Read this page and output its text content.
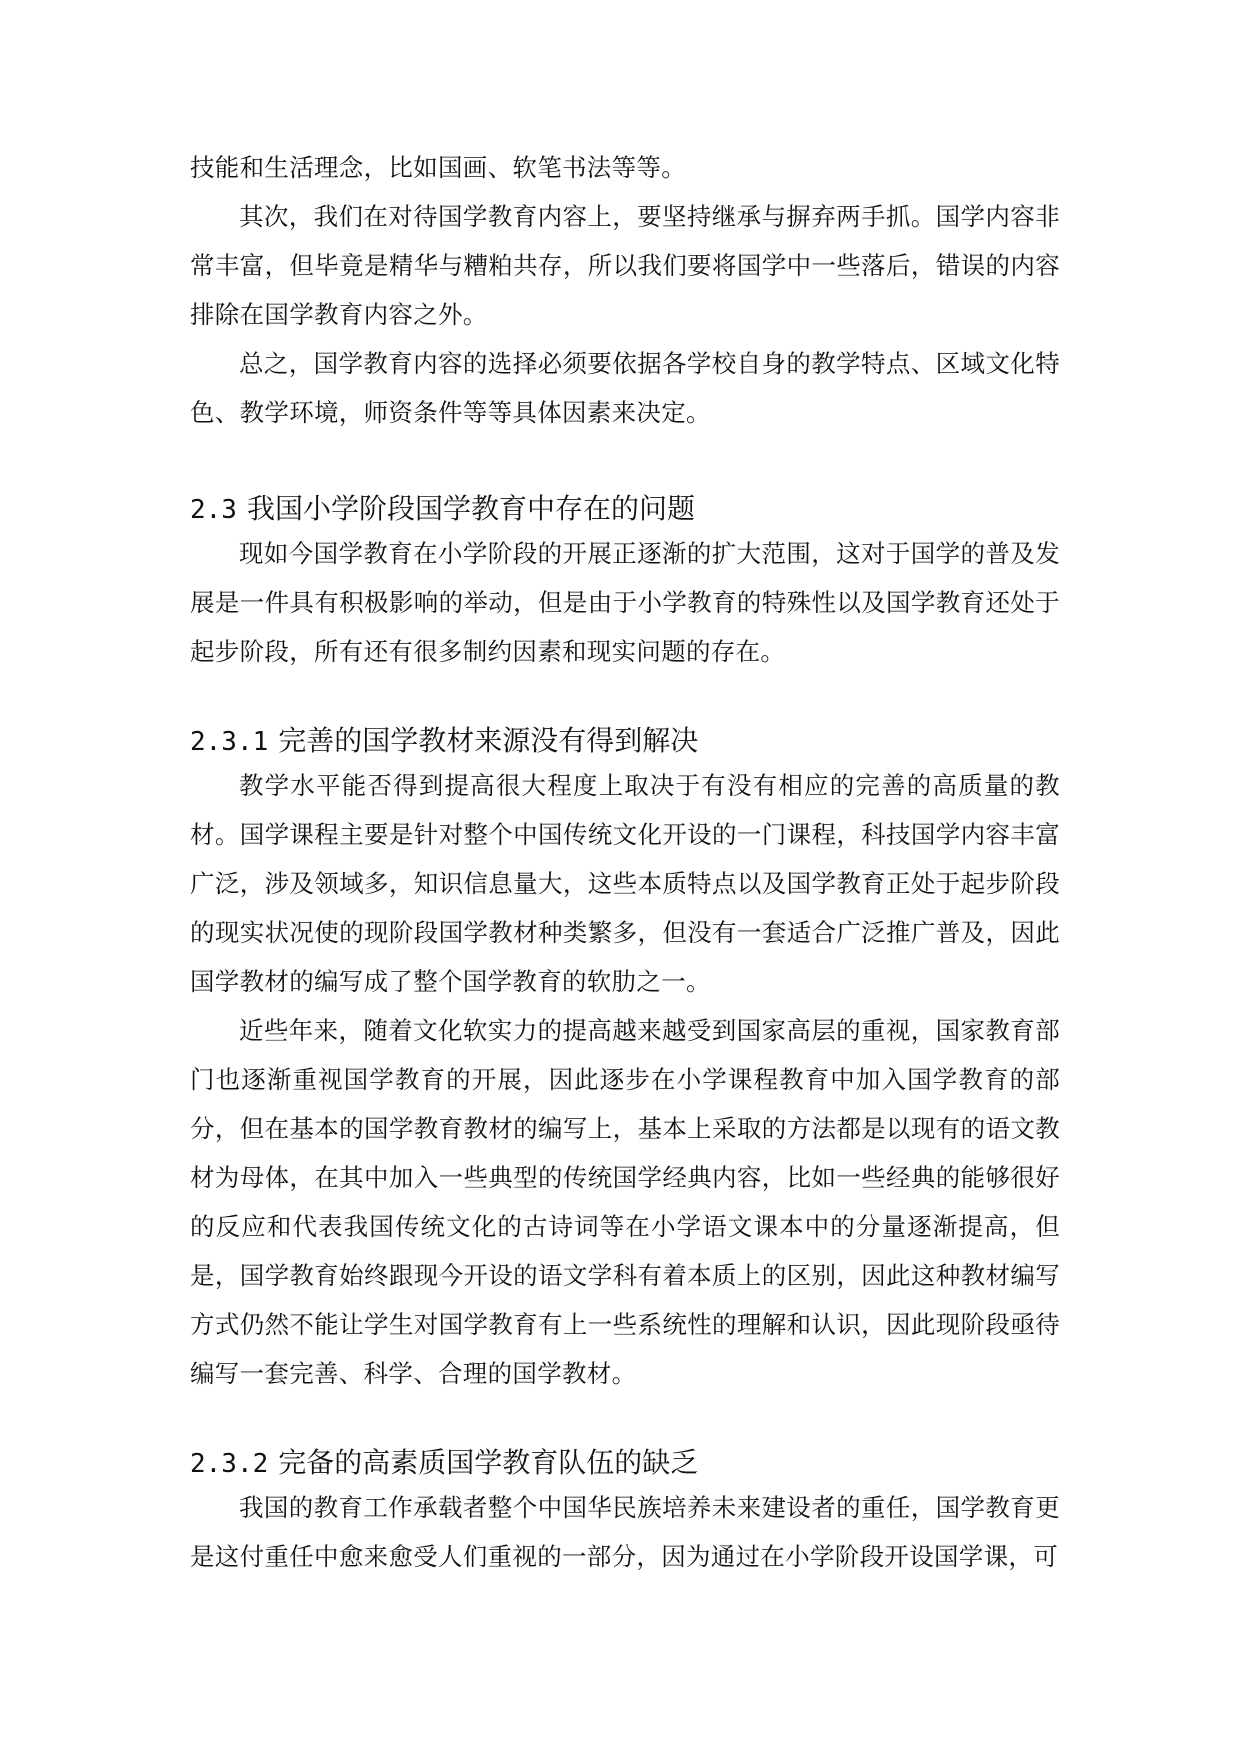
技能和生活理念，比如国画、软笔书法等等。

其次，我们在对待国学教育内容上，要坚持继承与摒弃两手抓。国学内容非常丰富，但毕竟是精华与糟粕共存，所以我们要将国学中一些落后，错误的内容排除在国学教育内容之外。

总之，国学教育内容的选择必须要依据各学校自身的教学特点、区域文化特色、教学环境，师资条件等等具体因素来决定。

2.3 我国小学阶段国学教育中存在的问题

现如今国学教育在小学阶段的开展正逐渐的扩大范围，这对于国学的普及发展是一件具有积极影响的举动，但是由于小学教育的特殊性以及国学教育还处于起步阶段，所有还有很多制约因素和现实问题的存在。

2.3.1 完善的国学教材来源没有得到解决

教学水平能否得到提高很大程度上取决于有没有相应的完善的高质量的教材。国学课程主要是针对整个中国传统文化开设的一门课程，科技国学内容丰富广泛，涉及领域多，知识信息量大，这些本质特点以及国学教育正处于起步阶段的现实状况使的现阶段国学教材种类繁多，但没有一套适合广泛推广普及，因此国学教材的编写成了整个国学教育的软肋之一。

近些年来，随着文化软实力的提高越来越受到国家高层的重视，国家教育部门也逐渐重视国学教育的开展，因此逐步在小学课程教育中加入国学教育的部分，但在基本的国学教育教材的编写上，基本上采取的方法都是以现有的语文教材为母体，在其中加入一些典型的传统国学经典内容，比如一些经典的能够很好的反应和代表我国传统文化的古诗词等在小学语文课本中的分量逐渐提高，但是，国学教育始终跟现今开设的语文学科有着本质上的区别，因此这种教材编写方式仍然不能让学生对国学教育有上一些系统性的理解和认识，因此现阶段亟待编写一套完善、科学、合理的国学教材。

2.3.2 完备的高素质国学教育队伍的缺乏

我国的教育工作承载者整个中国华民族培养未来建设者的重任，国学教育更是这付重任中愈来愈受人们重视的一部分，因为通过在小学阶段开设国学课，可
